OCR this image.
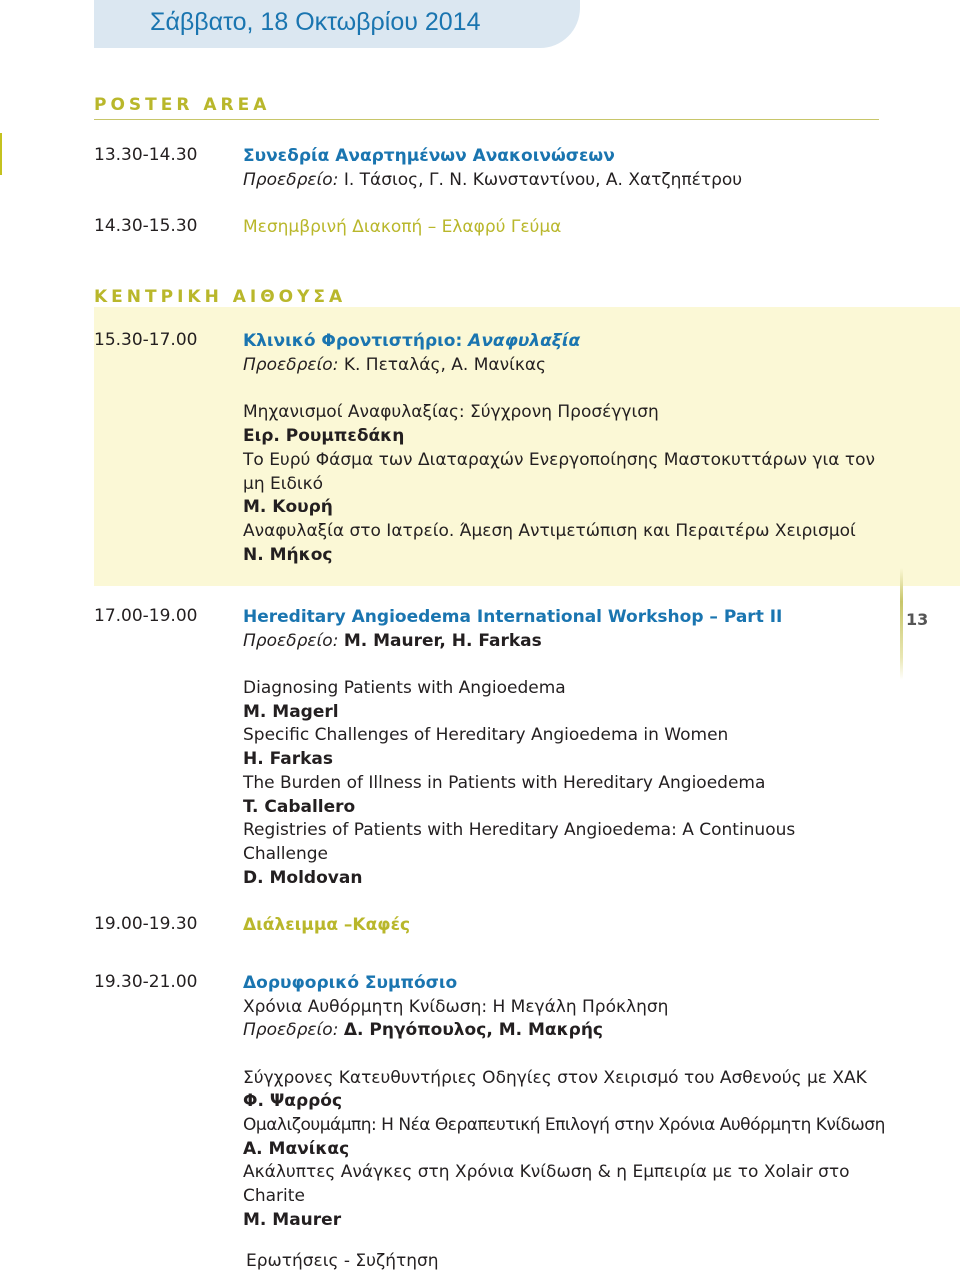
Σάββατο, 18 Οκτωβρίου 2014
POSTER AREA
13.30-14.30	Συνεδρία Αναρτημένων Ανακοινώσεων
Προεδρείο: Ι. Τάσιος, Γ. Ν. Κωνσταντίνου, Α. Χατζηπέτρου
14.30-15.30	Μεσημβρινή Διακοπή – Ελαφρύ Γεύμα
ΚΕΝΤΡΙΚΗ ΑΙΘΟΥΣΑ
13
15.30-17.00	Κλινικό Φροντιστήριο: Αναφυλαξία
Προεδρείο: Κ. Πεταλάς, Α. Μανίκας
Μηχανισμοί Αναφυλαξίας: Σύγχρονη Προσέγγιση
Ειρ. Ρουμπεδάκη
Το Ευρύ Φάσμα των Διαταραχών Ενεργοποίησης Μαστοκυττάρων για τον
μη Ειδικό
Μ. Κουρή
Αναφυλαξία στο Ιατρείο. Άμεση Αντιμετώπιση και Περαιτέρω Χειρισμοί
Ν. Μήκος
17.00-19.00	Hereditary Angioedema International Workshop – Part II
Προεδρείο: M. Maurer, H. Farkas
Diagnosing Patients with Angioedema
M. Magerl
Specific Challenges of Hereditary Angioedema in Women
H. Farkas
The Burden of Illness in Patients with Hereditary Angioedema
T. Caballero
Registries of Patients with Hereditary Angioedema: A Continuous
Challenge
D. Moldovan
19.00-19.30	Διάλειμμα –Καφές
19.30-21.00	Δορυφορικό Συμπόσιο
Χρόνια Αυθόρμητη Κνίδωση: Η Μεγάλη Πρόκληση
Προεδρείο: Δ. Ρηγόπουλος, Μ. Μακρής
Σύγχρονες Κατευθυντήριες Οδηγίες στον Χειρισμό του Ασθενούς με ΧΑΚ
Φ. Ψαρρός
Ομαλιζουμάμπη: Η Νέα Θεραπευτική Επιλογή στην Χρόνια Αυθόρμητη Κνίδωση
Α. Μανίκας
Ακάλυπτες Ανάγκες στη Χρόνια Κνίδωση & η Εμπειρία με το Xolair στο
Charite
M. Maurer
Ερωτήσεις - Συζήτηση
